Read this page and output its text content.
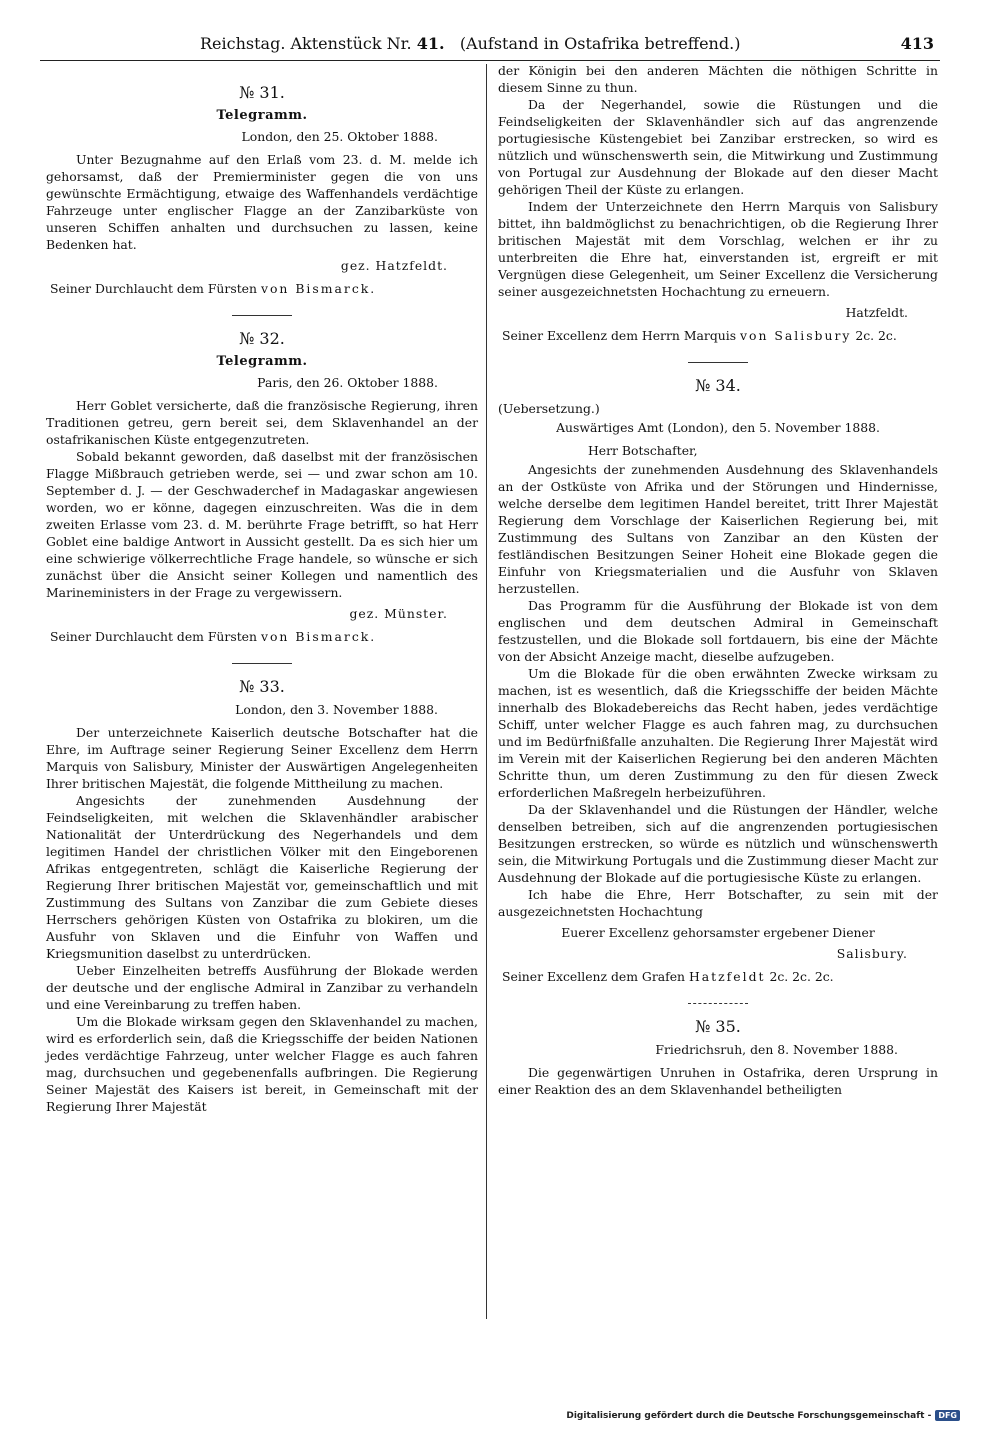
Reichstag. Aktenstück Nr. 41. (Aufstand in Ostafrika betreffend.)	413
№ 31.
Telegramm.
London, den 25. Oktober 1888.

Unter Bezugnahme auf den Erlaß vom 23. d. M. melde ich gehorsamst, daß der Premierminister gegen die von uns gewünschte Ermächtigung, etwaige des Waffenhandels verdächtige Fahrzeuge unter englischer Flagge an der Zanzibarküste von unseren Schiffen anhalten und durchsuchen zu lassen, keine Bedenken hat.

gez. Hatzfeldt.

Seiner Durchlaucht dem Fürsten von Bismarck.

№ 32.
Telegramm.
Paris, den 26. Oktober 1888.

Herr Goblet versicherte, daß die französische Regierung, ihren Traditionen getreu, gern bereit sei, dem Sklavenhandel an der ostafrikanischen Küste entgegenzutreten.

Sobald bekannt geworden, daß daselbst mit der französischen Flagge Mißbrauch getrieben werde, sei — und zwar schon am 10. September d. J. — der Geschwaderchef in Madagaskar angewiesen worden, wo er könne, dagegen einzuschreiten. Was die in dem zweiten Erlasse vom 23. d. M. berührte Frage betrifft, so hat Herr Goblet eine baldige Antwort in Aussicht gestellt. Da es sich hier um eine schwierige völkerrechtliche Frage handele, so wünsche er sich zunächst über die Ansicht seiner Kollegen und namentlich des Marineministers in der Frage zu vergewissern.

gez. Münster.

Seiner Durchlaucht dem Fürsten von Bismarck.

№ 33.
London, den 3. November 1888.

Der unterzeichnete Kaiserlich deutsche Botschafter hat die Ehre, im Auftrage seiner Regierung Seiner Excellenz dem Herrn Marquis von Salisbury, Minister der Auswärtigen Angelegenheiten Ihrer britischen Majestät, die folgende Mittheilung zu machen.

Angesichts der zunehmenden Ausdehnung der Feindseligkeiten, mit welchen die Sklavenhändler arabischer Nationalität der Unterdrückung des Negerhandels und dem legitimen Handel der christlichen Völker mit den Eingeborenen Afrikas entgegentreten, schlägt die Kaiserliche Regierung der Regierung Ihrer britischen Majestät vor, gemeinschaftlich und mit Zustimmung des Sultans von Zanzibar die zum Gebiete dieses Herrschers gehörigen Küsten von Ostafrika zu blokiren, um die Ausfuhr von Sklaven und die Einfuhr von Waffen und Kriegsmunition daselbst zu unterdrücken.

Ueber Einzelheiten betreffs Ausführung der Blokade werden der deutsche und der englische Admiral in Zanzibar zu verhandeln und eine Vereinbarung zu treffen haben.

Um die Blokade wirksam gegen den Sklavenhandel zu machen, wird es erforderlich sein, daß die Kriegsschiffe der beiden Nationen jedes verdächtige Fahrzeug, unter welcher Flagge es auch fahren mag, durchsuchen und gegebenenfalls aufbringen. Die Regierung Seiner Majestät des Kaisers ist bereit, in Gemeinschaft mit der Regierung Ihrer Majestät

der Königin bei den anderen Mächten die nöthigen Schritte in diesem Sinne zu thun.

Da der Negerhandel, sowie die Rüstungen und die Feindseligkeiten der Sklavenhändler sich auf das angrenzende portugiesische Küstengebiet bei Zanzibar erstrecken, so wird es nützlich und wünschenswerth sein, die Mitwirkung und Zustimmung von Portugal zur Ausdehnung der Blokade auf den dieser Macht gehörigen Theil der Küste zu erlangen.

Indem der Unterzeichnete den Herrn Marquis von Salisbury bittet, ihn baldmöglichst zu benachrichtigen, ob die Regierung Ihrer britischen Majestät mit dem Vorschlag, welchen er ihr zu unterbreiten die Ehre hat, einverstanden ist, ergreift er mit Vergnügen diese Gelegenheit, um Seiner Excellenz die Versicherung seiner ausgezeichnetsten Hochachtung zu erneuern.

Hatzfeldt.

Seiner Excellenz dem Herrn Marquis von Salisbury 2c. 2c.

№ 34.

(Uebersetzung.)

Auswärtiges Amt (London), den 5. November 1888.

Herr Botschafter,

Angesichts der zunehmenden Ausdehnung des Sklavenhandels an der Ostküste von Afrika und der Störungen und Hindernisse, welche derselbe dem legitimen Handel bereitet, tritt Ihrer Majestät Regierung dem Vorschlage der Kaiserlichen Regierung bei, mit Zustimmung des Sultans von Zanzibar an den Küsten der festländischen Besitzungen Seiner Hoheit eine Blokade gegen die Einfuhr von Kriegsmaterialien und die Ausfuhr von Sklaven herzustellen.

Das Programm für die Ausführung der Blokade ist von dem englischen und dem deutschen Admiral in Gemeinschaft festzustellen, und die Blokade soll fortdauern, bis eine der Mächte von der Absicht Anzeige macht, dieselbe aufzugeben.

Um die Blokade für die oben erwähnten Zwecke wirksam zu machen, ist es wesentlich, daß die Kriegsschiffe der beiden Mächte innerhalb des Blokadebereichs das Recht haben, jedes verdächtige Schiff, unter welcher Flagge es auch fahren mag, zu durchsuchen und im Bedürfnißfalle anzuhalten. Die Regierung Ihrer Majestät wird im Verein mit der Kaiserlichen Regierung bei den anderen Mächten Schritte thun, um deren Zustimmung zu den für diesen Zweck erforderlichen Maßregeln herbeizuführen.

Da der Sklavenhandel und die Rüstungen der Händler, welche denselben betreiben, sich auf die angrenzenden portugiesischen Besitzungen erstrecken, so würde es nützlich und wünschenswerth sein, die Mitwirkung Portugals und die Zustimmung dieser Macht zur Ausdehnung der Blokade auf die portugiesische Küste zu erlangen.

Ich habe die Ehre, Herr Botschafter, zu sein mit der ausgezeichnetsten Hochachtung

Euerer Excellenz gehorsamster ergebener Diener

Salisbury.

Seiner Excellenz dem Grafen Hatzfeldt 2c. 2c. 2c.

№ 35.
Friedrichsruh, den 8. November 1888.

Die gegenwärtigen Unruhen in Ostafrika, deren Ursprung in einer Reaktion des an dem Sklavenhandel betheiligten

Digitalisierung gefördert durch die Deutsche Forschungsgemeinschaft - DFG
